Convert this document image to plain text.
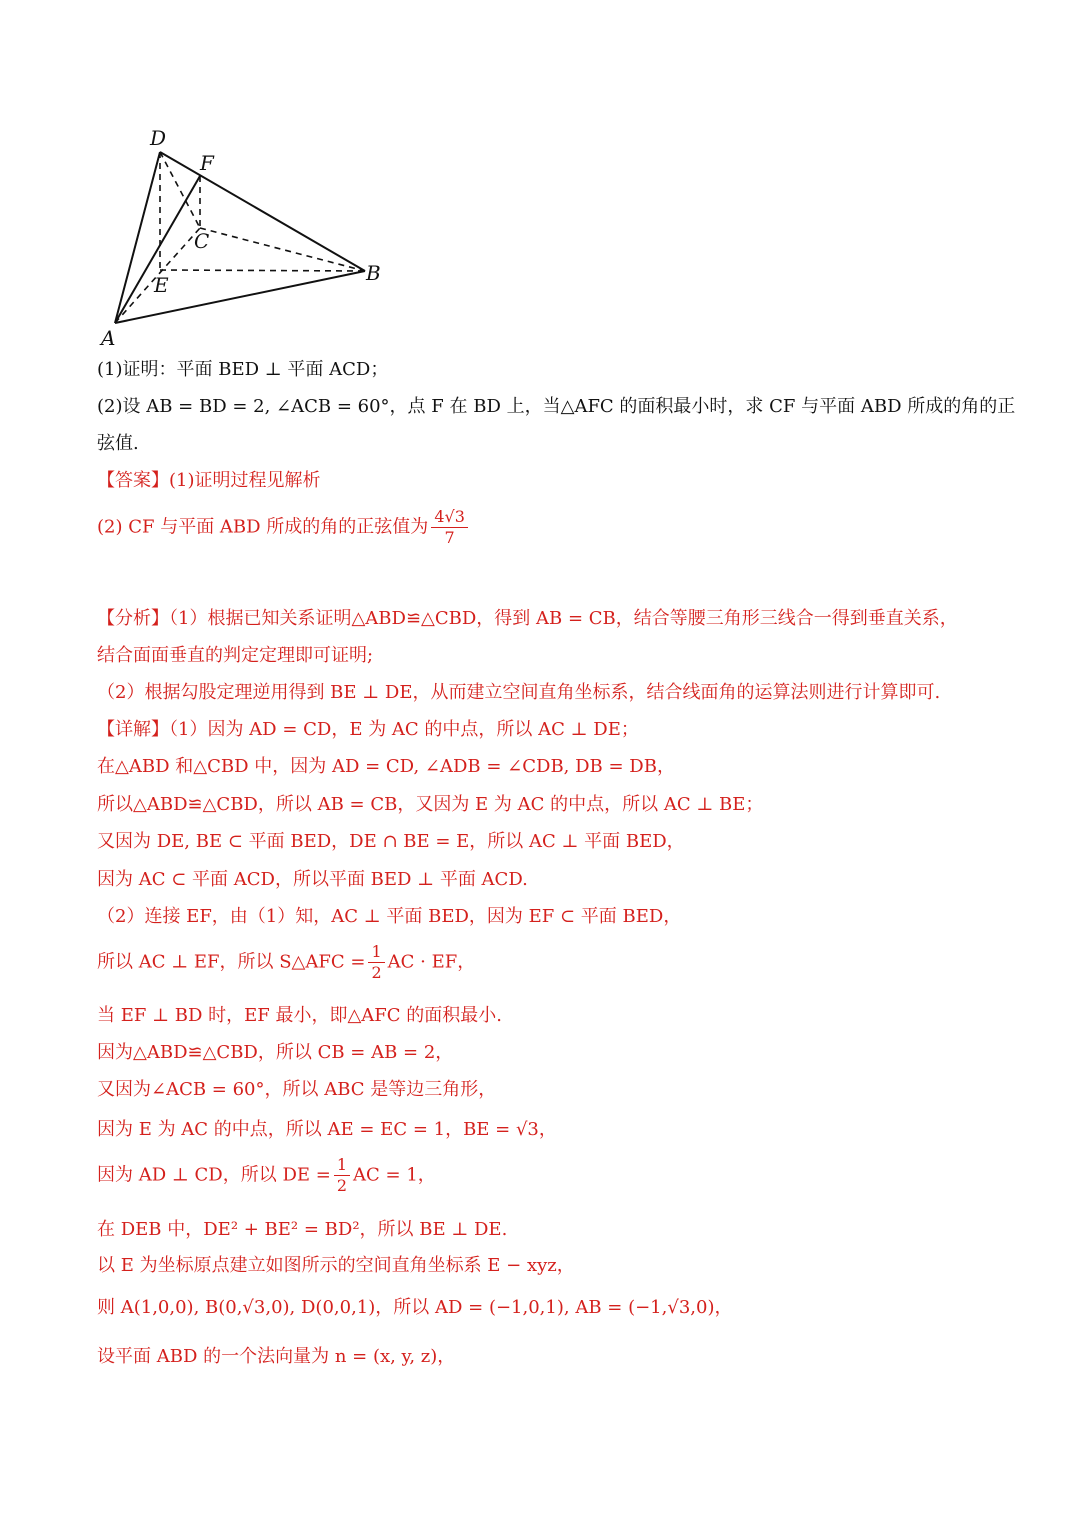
D
F
C
B
E
A
(1)证明：平面 BED ⊥ 平面 ACD；
(2)设 AB = BD = 2, ∠ACB = 60°，点 F 在 BD 上，当△AFC 的面积最小时，求 CF 与平面 ABD 所成的角的正
弦值.
【答案】(1)证明过程见解析
(2) CF 与平面 ABD 所成的角的正弦值为 $\frac{4√3}{7}$
【分析】（1）根据已知关系证明△ABD≌△CBD，得到 AB = CB，结合等腰三角形三线合一得到垂直关系，
结合面面垂直的判定定理即可证明;
（2）根据勾股定理逆用得到 BE ⊥ DE，从而建立空间直角坐标系，结合线面角的运算法则进行计算即可.
【详解】（1）因为 AD = CD，E 为 AC 的中点，所以 AC ⊥ DE；
在△ABD 和△CBD 中，因为 AD = CD, ∠ADB = ∠CDB, DB = DB，
所以△ABD≌△CBD，所以 AB = CB，又因为 E 为 AC 的中点，所以 AC ⊥ BE；
又因为 DE, BE ⊂ 平面 BED，DE ∩ BE = E，所以 AC ⊥ 平面 BED，
因为 AC ⊂ 平面 ACD，所以平面 BED ⊥ 平面 ACD.
（2）连接 EF，由（1）知，AC ⊥ 平面 BED，因为 EF ⊂ 平面 BED，
所以 AC ⊥ EF，所以 S△AFC = $\frac{1}{2}$ AC · EF，
当 EF ⊥ BD 时，EF 最小，即△AFC 的面积最小.
因为△ABD≌△CBD，所以 CB = AB = 2，
又因为∠ACB = 60°，所以 ABC 是等边三角形，
因为 E 为 AC 的中点，所以 AE = EC = 1，BE = √3，
因为 AD ⊥ CD，所以 DE = $\frac{1}{2}$ AC = 1，
在 DEB 中，DE² + BE² = BD²，所以 BE ⊥ DE.
以 E 为坐标原点建立如图所示的空间直角坐标系 E − xyz，
则 A(1,0,0), B(0,√3,0), D(0,0,1)，所以 AD = (−1,0,1), AB = (−1,√3,0)，
设平面 ABD 的一个法向量为 n = (x, y, z)，
